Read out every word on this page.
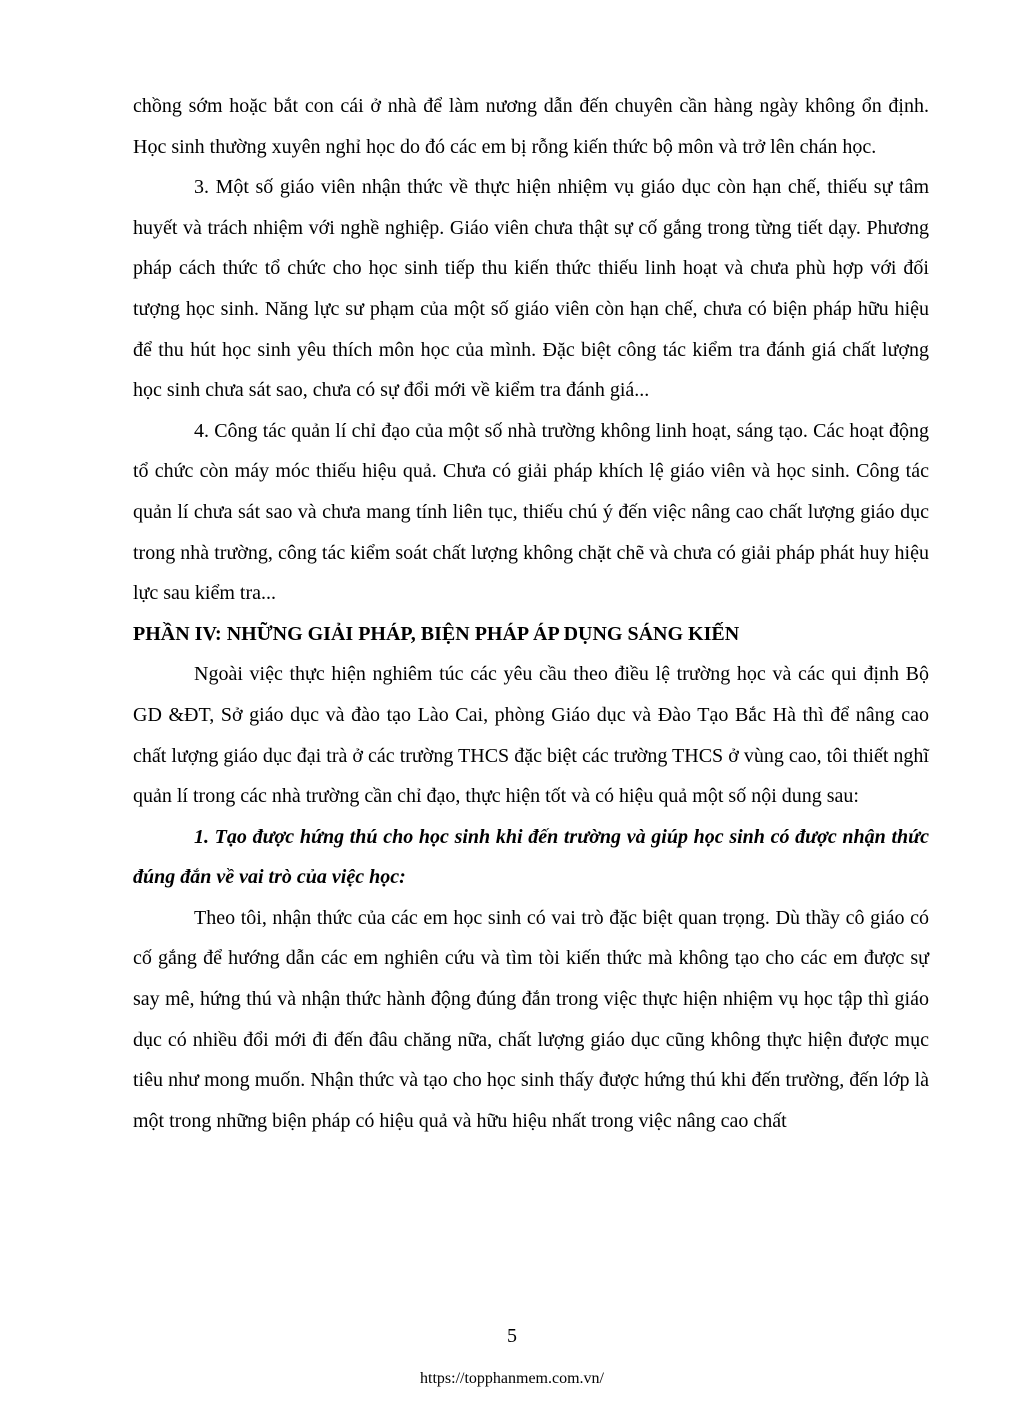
chồng sớm hoặc bắt con cái ở nhà để làm nương dẫn đến chuyên cần hàng ngày không ổn định. Học sinh thường xuyên nghỉ học do đó các em bị rỗng kiến thức bộ môn và trở lên chán học.

3. Một số giáo viên nhận thức về thực hiện nhiệm vụ giáo dục còn hạn chế, thiếu sự tâm huyết và trách nhiệm với nghề nghiệp. Giáo viên chưa thật sự cố gắng trong từng tiết dạy. Phương pháp cách thức tổ chức cho học sinh tiếp thu kiến thức thiếu linh hoạt và chưa phù hợp với đối tượng học sinh. Năng lực sư phạm của một số giáo viên còn hạn chế, chưa có biện pháp hữu hiệu để thu hút học sinh yêu thích môn học của mình. Đặc biệt công tác kiểm tra đánh giá chất lượng học sinh chưa sát sao, chưa có sự đổi mới về kiểm tra đánh giá...

4. Công tác quản lí chỉ đạo của một số nhà trường không linh hoạt, sáng tạo. Các hoạt động tổ chức còn máy móc thiếu hiệu quả. Chưa có giải pháp khích lệ giáo viên và học sinh. Công tác quản lí chưa sát sao và chưa mang tính liên tục, thiếu chú ý đến việc nâng cao chất lượng giáo dục trong nhà trường, công tác kiểm soát chất lượng không chặt chẽ và chưa có giải pháp phát huy hiệu lực sau kiểm tra...

PHẦN IV: NHỮNG GIẢI PHÁP, BIỆN PHÁP ÁP DỤNG SÁNG KIẾN

Ngoài việc thực hiện nghiêm túc các yêu cầu theo điều lệ trường học và các qui định Bộ GD &ĐT, Sở giáo dục và đào tạo Lào Cai, phòng Giáo dục và Đào Tạo Bắc Hà thì để nâng cao chất lượng giáo dục đại trà ở các trường THCS đặc biệt các trường THCS ở vùng cao, tôi thiết nghĩ quản lí trong các nhà trường cần chỉ đạo, thực hiện tốt và có hiệu quả một số nội dung sau:

1. Tạo được hứng thú cho học sinh khi đến trường và giúp học sinh có được nhận thức đúng đắn về vai trò của việc học:

Theo tôi, nhận thức của các em học sinh có vai trò đặc biệt quan trọng. Dù thầy cô giáo có cố gắng để hướng dẫn các em nghiên cứu và tìm tòi kiến thức mà không tạo cho các em được sự say mê, hứng thú và nhận thức hành động đúng đắn trong việc thực hiện nhiệm vụ học tập thì giáo dục có nhiều đổi mới đi đến đâu chăng nữa, chất lượng giáo dục cũng không thực hiện được mục tiêu như mong muốn. Nhận thức và tạo cho học sinh thấy được hứng thú khi đến trường, đến lớp là một trong những biện pháp có hiệu quả và hữu hiệu nhất trong việc nâng cao chất

5
https://topphanmem.com.vn/
